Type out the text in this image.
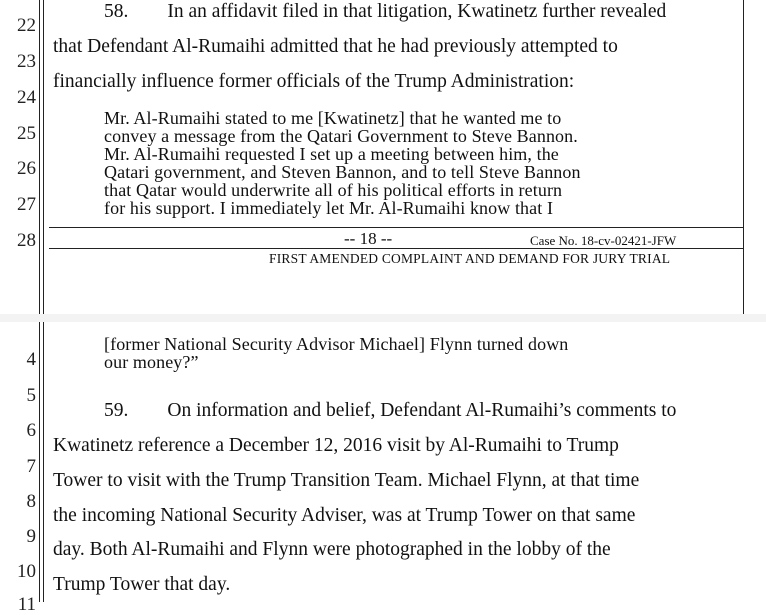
22
23
24
25
26
27
28
58.  In an affidavit filed in that litigation, Kwatinetz further revealed
that Defendant Al-Rumaihi admitted that he had previously attempted to
financially influence former officials of the Trump Administration:
Mr. Al-Rumaihi stated to me [Kwatinetz] that he wanted me to
convey a message from the Qatari Government to Steve Bannon.
Mr. Al-Rumaihi requested I set up a meeting between him, the
Qatari government, and Steven Bannon, and to tell Steve Bannon
that Qatar would underwrite all of his political efforts in return
for his support. I immediately let Mr. Al-Rumaihi know that I
-- 18 --	Case No. 18-cv-02421-JFW
FIRST AMENDED COMPLAINT AND DEMAND FOR JURY TRIAL
4
5
6
7
8
9
10
11
[former National Security Advisor Michael] Flynn turned down
our money?”
59.  On information and belief, Defendant Al-Rumaihi’s comments to
Kwatinetz reference a December 12, 2016 visit by Al-Rumaihi to Trump
Tower to visit with the Trump Transition Team. Michael Flynn, at that time
the incoming National Security Adviser, was at Trump Tower on that same
day. Both Al-Rumaihi and Flynn were photographed in the lobby of the
Trump Tower that day.
